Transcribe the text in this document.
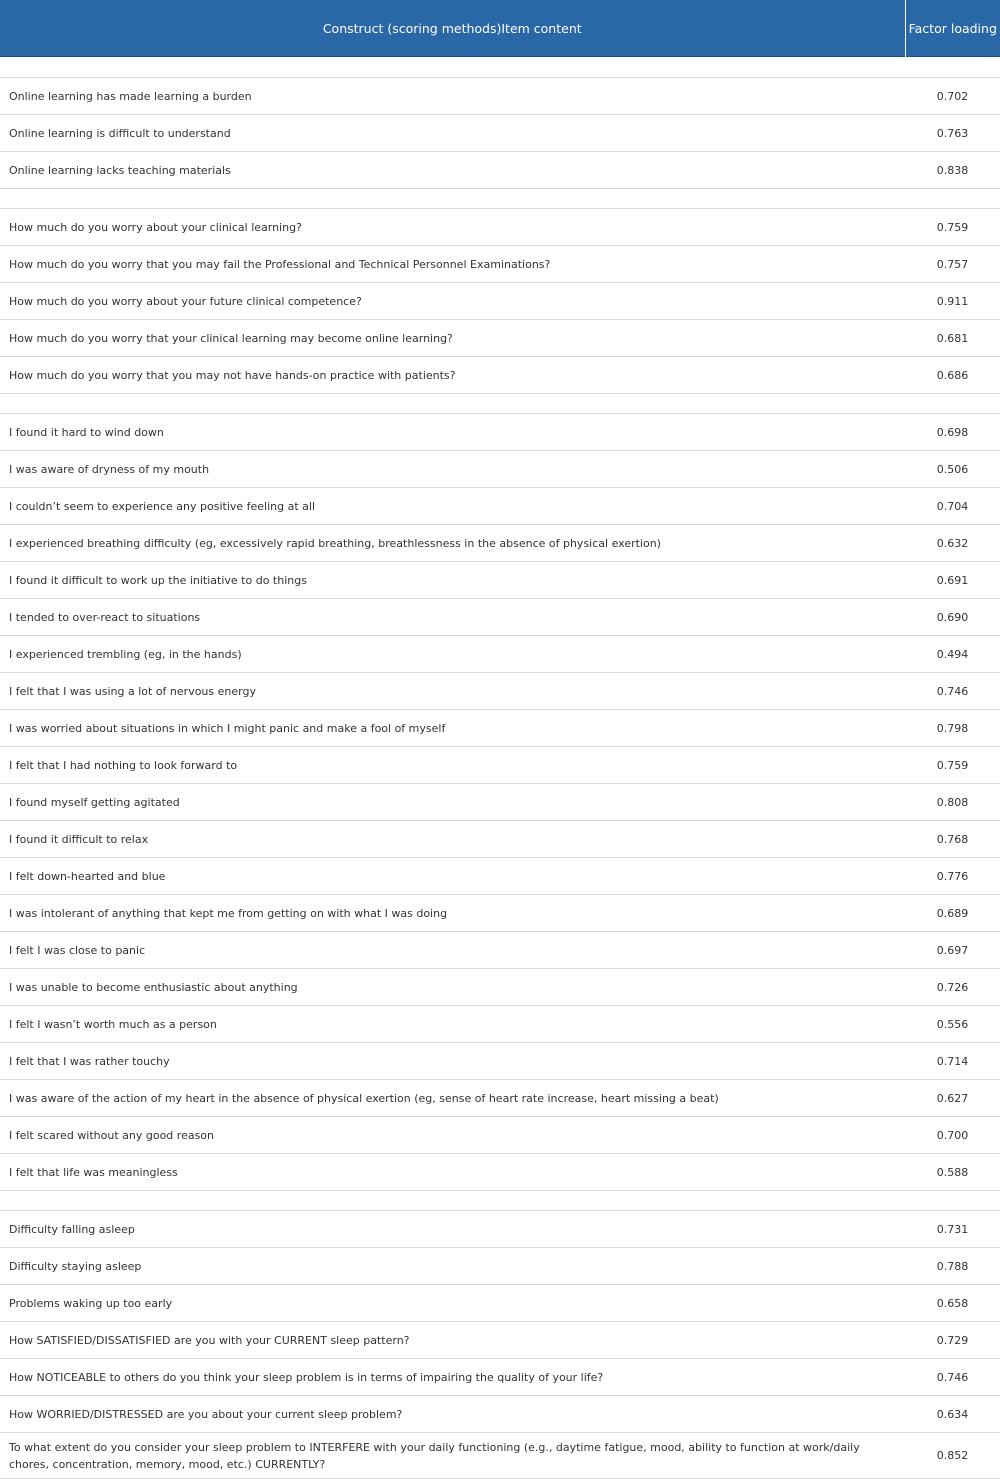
Construct (scoring methods)Item content	Factor loading

Online learning has made learning a burden	0.702
Online learning is difficult to understand	0.763
Online learning lacks teaching materials	0.838

How much do you worry about your clinical learning?	0.759
How much do you worry that you may fail the Professional and Technical Personnel Examinations?	0.757
How much do you worry about your future clinical competence?	0.911
How much do you worry that your clinical learning may become online learning?	0.681
How much do you worry that you may not have hands-on practice with patients?	0.686

I found it hard to wind down	0.698
I was aware of dryness of my mouth	0.506
I couldn’t seem to experience any positive feeling at all	0.704
I experienced breathing difficulty (eg, excessively rapid breathing, breathlessness in the absence of physical exertion)	0.632
I found it difficult to work up the initiative to do things	0.691
I tended to over-react to situations	0.690
I experienced trembling (eg, in the hands)	0.494
I felt that I was using a lot of nervous energy	0.746
I was worried about situations in which I might panic and make a fool of myself	0.798
I felt that I had nothing to look forward to	0.759
I found myself getting agitated	0.808
I found it difficult to relax	0.768
I felt down-hearted and blue	0.776
I was intolerant of anything that kept me from getting on with what I was doing	0.689
I felt I was close to panic	0.697
I was unable to become enthusiastic about anything	0.726
I felt I wasn’t worth much as a person	0.556
I felt that I was rather touchy	0.714
I was aware of the action of my heart in the absence of physical exertion (eg, sense of heart rate increase, heart missing a beat)	0.627
I felt scared without any good reason	0.700
I felt that life was meaningless	0.588

Difficulty falling asleep	0.731
Difficulty staying asleep	0.788
Problems waking up too early	0.658
How SATISFIED/DISSATISFIED are you with your CURRENT sleep pattern?	0.729
How NOTICEABLE to others do you think your sleep problem is in terms of impairing the quality of your life?	0.746
How WORRIED/DISTRESSED are you about your current sleep problem?	0.634
To what extent do you consider your sleep problem to INTERFERE with your daily functioning (e.g., daytime fatigue, mood, ability to function at work/daily chores, concentration, memory, mood, etc.) CURRENTLY?	0.852
